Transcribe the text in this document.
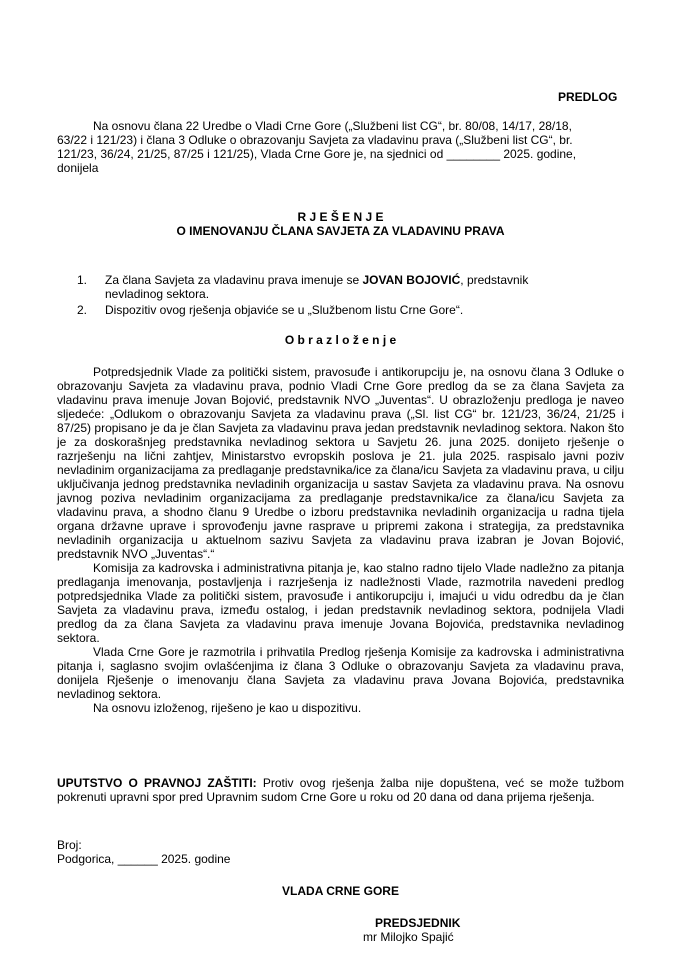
PREDLOG

Na osnovu člana 22 Uredbe o Vladi Crne Gore („Službeni list CG“, br. 80/08, 14/17, 28/18,

63/22 i 121/23) i člana 3 Odluke o obrazovanju Savjeta za vladavinu prava („Službeni list CG“, br.

121/23, 36/24, 21/25, 87/25 i 121/25), Vlada Crne Gore je, na sjednici od ________ 2025. godine,

donijela

R J E Š E N J E

O IMENOVANJU ČLANA SAVJETA ZA VLADAVINU PRAVA

1. Za člana Savjeta za vladavinu prava imenuje se JOVAN BOJOVIĆ, predstavnik

nevladinog sektora.

2. Dispozitiv ovog rješenja objaviće se u „Službenom listu Crne Gore“.

O b r a z l o ž e n j e

Potpredsjednik Vlade za politički sistem, pravosuđe i antikorupciju je, na osnovu člana 3 Odluke o obrazovanju Savjeta za vladavinu prava, podnio Vladi Crne Gore predlog da se za člana Savjeta za vladavinu prava imenuje Jovan Bojović, predstavnik NVO „Juventas“. U obrazloženju predloga je naveo sljedeće: „Odlukom o obrazovanju Savjeta za vladavinu prava („Sl. list CG“ br. 121/23, 36/24, 21/25 i 87/25) propisano je da je član Savjeta za vladavinu prava jedan predstavnik nevladinog sektora. Nakon što je za doskorašnjeg predstavnika nevladinog sektora u Savjetu 26. juna 2025. donijeto rješenje o razrješenju na lični zahtjev, Ministarstvo evropskih poslova je 21. jula 2025. raspisalo javni poziv nevladinim organizacijama za predlaganje predstavnika/ice za člana/icu Savjeta za vladavinu prava, u cilju uključivanja jednog predstavnika nevladinih organizacija u sastav Savjeta za vladavinu prava. Na osnovu javnog poziva nevladinim organizacijama za predlaganje predstavnika/ice za člana/icu Savjeta za vladavinu prava, a shodno članu 9 Uredbe o izboru predstavnika nevladinih organizacija u radna tijela organa državne uprave i sprovođenju javne rasprave u pripremi zakona i strategija, za predstavnika nevladinih organizacija u aktuelnom sazivu Savjeta za vladavinu prava izabran je Jovan Bojović, predstavnik NVO „Juventas“.“

Komisija za kadrovska i administrativna pitanja je, kao stalno radno tijelo Vlade nadležno za pitanja predlaganja imenovanja, postavljenja i razrješenja iz nadležnosti Vlade, razmotrila navedeni predlog potpredsjednika Vlade za politički sistem, pravosuđe i antikorupciju i, imajući u vidu odredbu da je član Savjeta za vladavinu prava, između ostalog, i jedan predstavnik nevladinog sektora, podnijela Vladi predlog da za člana Savjeta za vladavinu prava imenuje Jovana Bojovića, predstavnika nevladinog sektora.

Vlada Crne Gore je razmotrila i prihvatila Predlog rješenja Komisije za kadrovska i administrativna pitanja i, saglasno svojim ovlašćenjima iz člana 3 Odluke o obrazovanju Savjeta za vladavinu prava, donijela Rješenje o imenovanju člana Savjeta za vladavinu prava Jovana Bojovića, predstavnika nevladinog sektora.

Na osnovu izloženog, riješeno je kao u dispozitivu.

UPUTSTVO O PRAVNOJ ZAŠTITI: Protiv ovog rješenja žalba nije dopuštena, već se može tužbom pokrenuti upravni spor pred Upravnim sudom Crne Gore u roku od 20 dana od dana prijema rješenja.

Broj:
Podgorica, ______ 2025. godine
VLADA CRNE GORE
PREDSJEDNIK
mr Milojko Spajić
